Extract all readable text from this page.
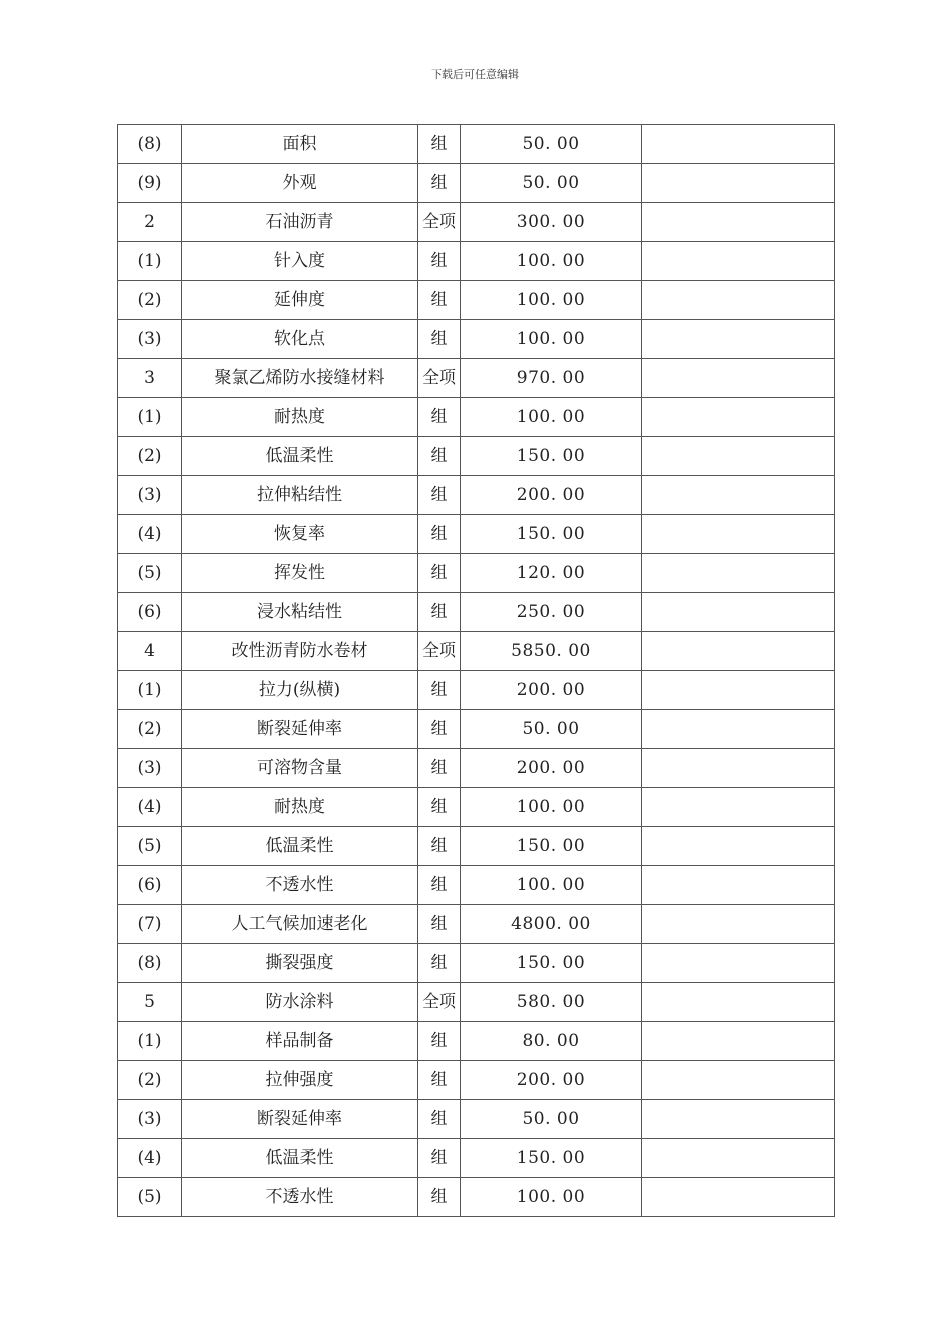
下载后可任意编辑
(8)	面积	组	50. 00	
(9)	外观	组	50. 00	
2	石油沥青	全项	300. 00	
(1)	针入度	组	100. 00	
(2)	延伸度	组	100. 00	
(3)	软化点	组	100. 00	
3	聚氯乙烯防水接缝材料	全项	970. 00	
(1)	耐热度	组	100. 00	
(2)	低温柔性	组	150. 00	
(3)	拉伸粘结性	组	200. 00	
(4)	恢复率	组	150. 00	
(5)	挥发性	组	120. 00	
(6)	浸水粘结性	组	250. 00	
4	改性沥青防水卷材	全项	5850. 00	
(1)	拉力(纵横)	组	200. 00	
(2)	断裂延伸率	组	50. 00	
(3)	可溶物含量	组	200. 00	
(4)	耐热度	组	100. 00	
(5)	低温柔性	组	150. 00	
(6)	不透水性	组	100. 00	
(7)	人工气候加速老化	组	4800. 00	
(8)	撕裂强度	组	150. 00	
5	防水涂料	全项	580. 00	
(1)	样品制备	组	80. 00	
(2)	拉伸强度	组	200. 00	
(3)	断裂延伸率	组	50. 00	
(4)	低温柔性	组	150. 00	
(5)	不透水性	组	100. 00	
